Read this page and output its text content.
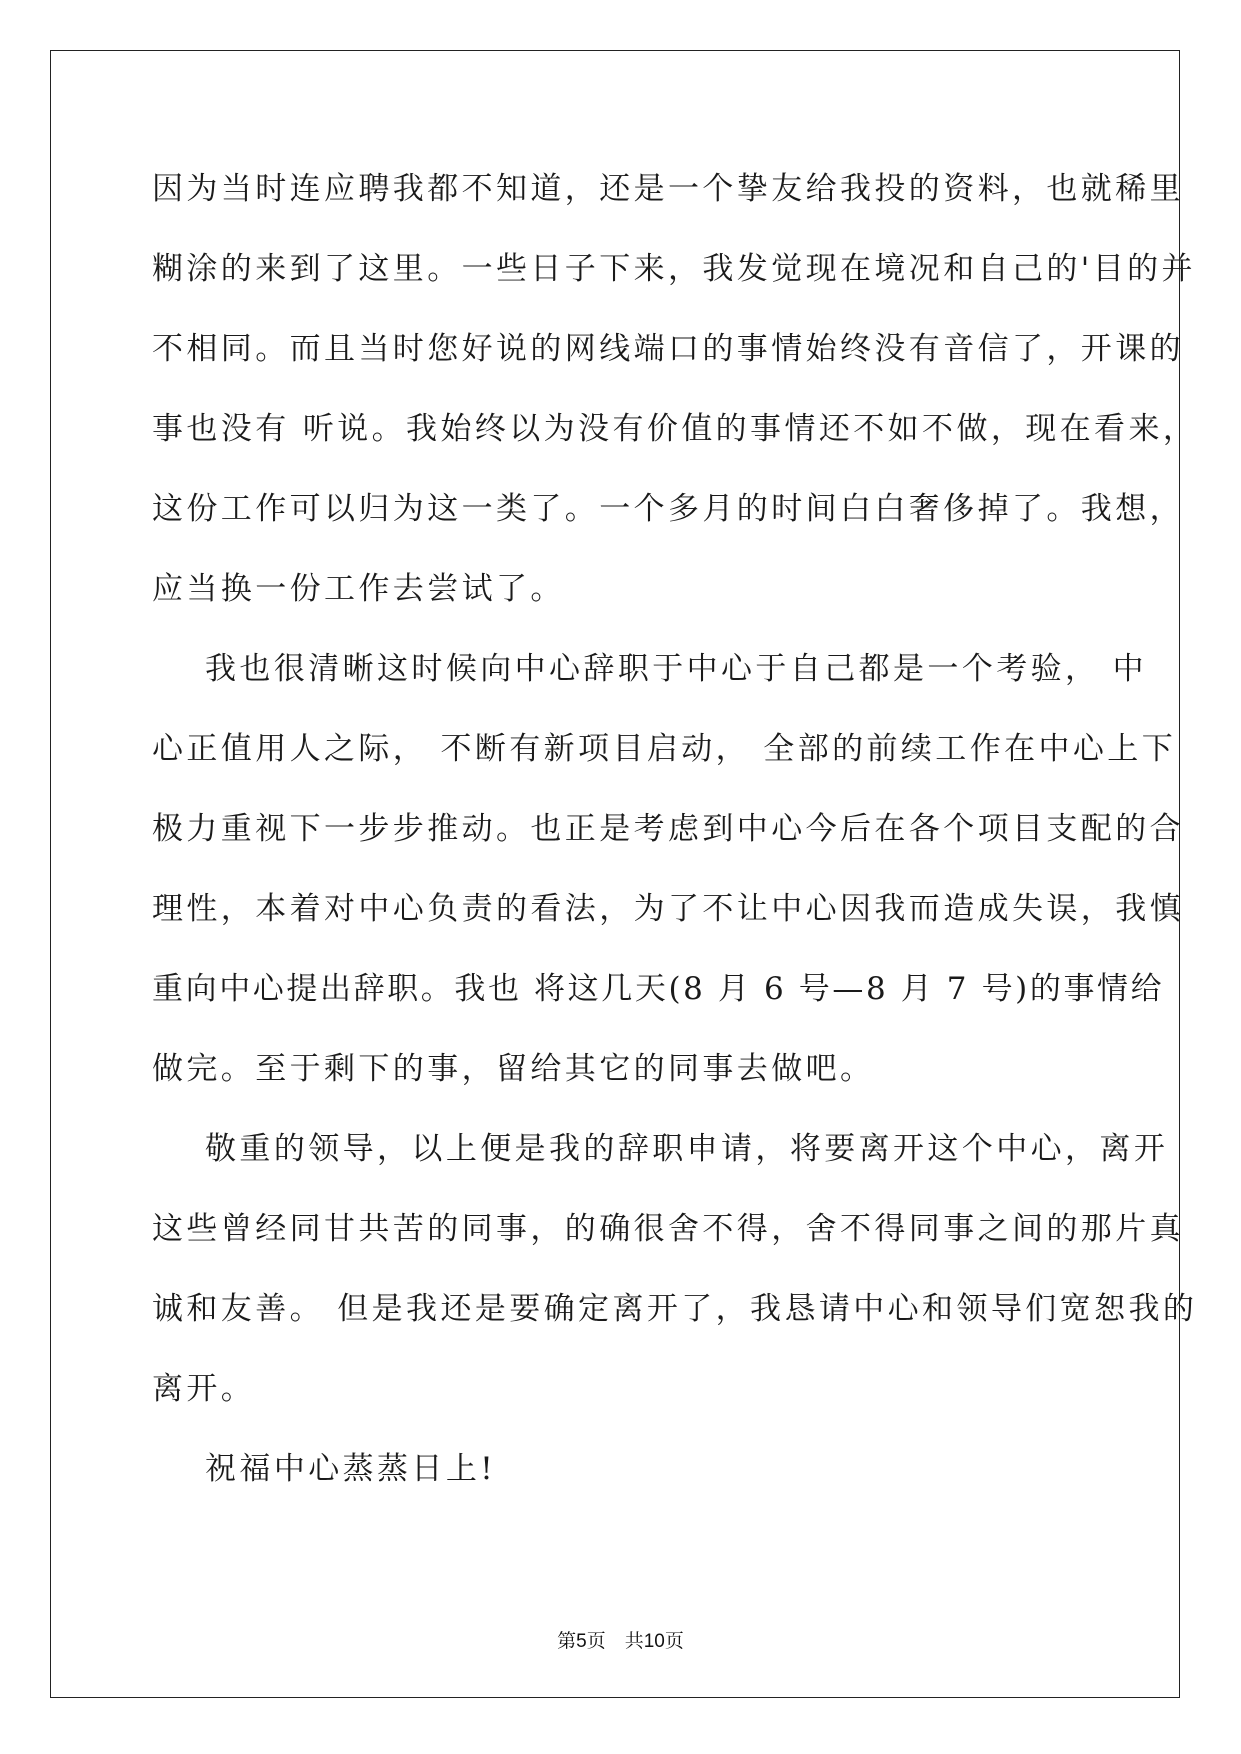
因为当时连应聘我都不知道，还是一个挚友给我投的资料，也就稀里
糊涂的来到了这里。一些日子下来，我发觉现在境况和自己的'目的并
不相同。而且当时您好说的网线端口的事情始终没有音信了，开课的
事也没有 听说。我始终以为没有价值的事情还不如不做，现在看来，
这份工作可以归为这一类了。一个多月的时间白白奢侈掉了。我想，
应当换一份工作去尝试了。
我也很清晰这时候向中心辞职于中心于自己都是一个考验， 中
心正值用人之际， 不断有新项目启动， 全部的前续工作在中心上下
极力重视下一步步推动。也正是考虑到中心今后在各个项目支配的合
理性，本着对中心负责的看法，为了不让中心因我而造成失误，我慎
重向中心提出辞职。我也 将这几天(8 月 6 号—8 月 7 号)的事情给
做完。至于剩下的事，留给其它的同事去做吧。
敬重的领导，以上便是我的辞职申请，将要离开这个中心，离开
这些曾经同甘共苦的同事，的确很舍不得，舍不得同事之间的那片真
诚和友善。 但是我还是要确定离开了，我恳请中心和领导们宽恕我的
离开。
祝福中心蒸蒸日上!
第5页　共10页
